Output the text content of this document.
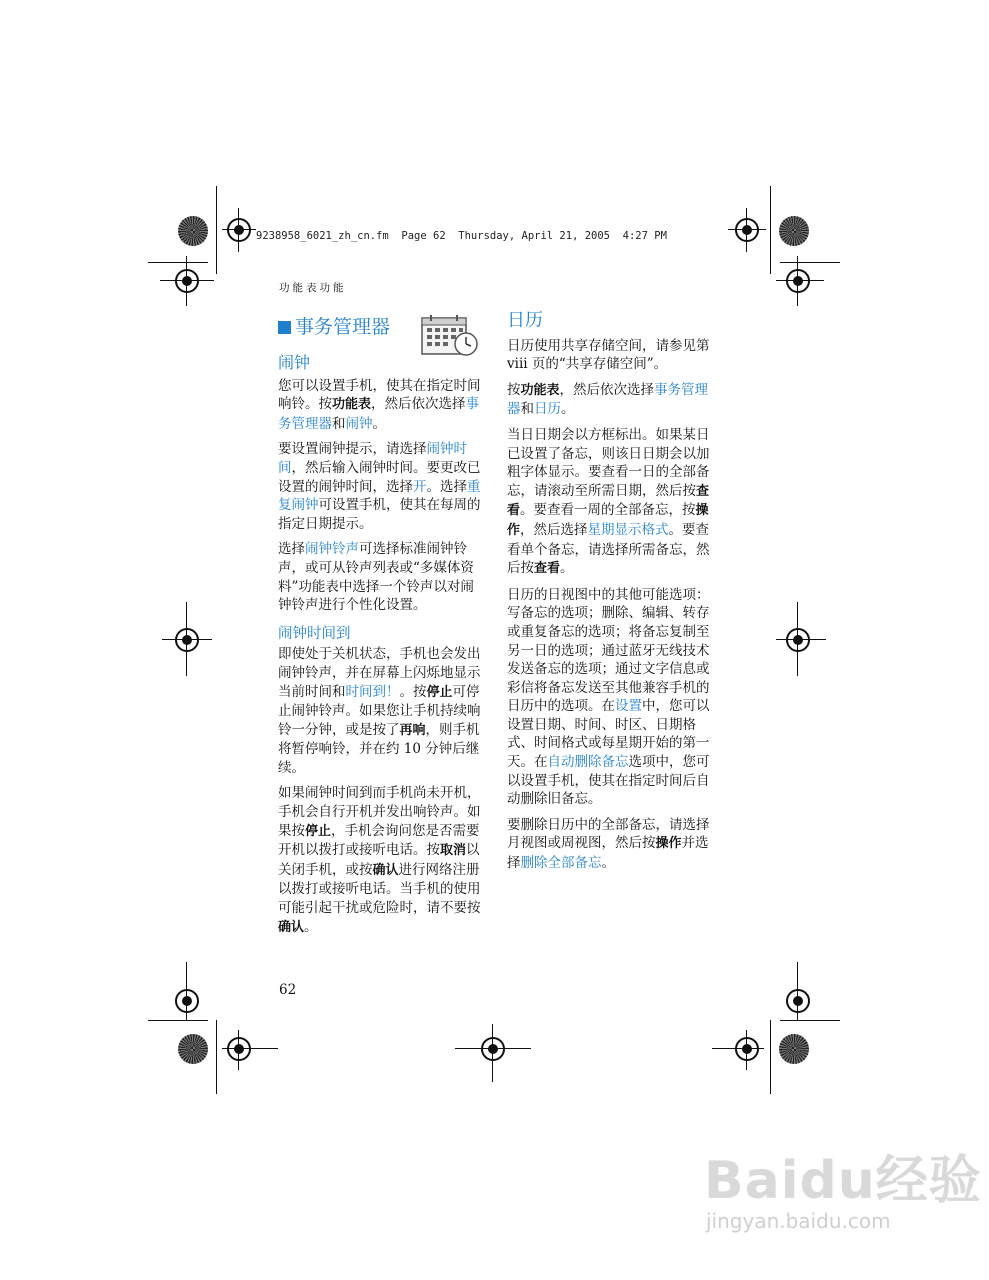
9238958_6021_zh_cn.fm  Page 62  Thursday, April 21, 2005  4:27 PM
功能表功能
事务管理器
闹钟

您可以设置手机，使其在指定时间响铃。按功能表，然后依次选择事务管理器和闹钟。

要设置闹钟提示，请选择闹钟时间，然后输入闹钟时间。要更改已设置的闹钟时间，选择开。选择重复闹钟可设置手机，使其在每周的指定日期提示。

选择闹钟铃声可选择标准闹钟铃声，或可从铃声列表或“多媒体资料”功能表中选择一个铃声以对闹钟铃声进行个性化设置。

闹钟时间到

即使处于关机状态，手机也会发出闹钟铃声，并在屏幕上闪烁地显示当前时间和时间到！。按停止可停止闹钟铃声。如果您让手机持续响铃一分钟，或是按了再响，则手机将暂停响铃，并在约 10 分钟后继续。

如果闹钟时间到而手机尚未开机，手机会自行开机并发出响铃声。如果按停止，手机会询问您是否需要开机以拨打或接听电话。按取消以关闭手机，或按确认进行网络注册以拨打或接听电话。当手机的使用可能引起干扰或危险时，请不要按确认。

日历

日历使用共享存储空间，请参见第 viii 页的“共享存储空间”。

按功能表，然后依次选择事务管理器和日历。

当日日期会以方框标出。如果某日已设置了备忘，则该日日期会以加粗字体显示。要查看一日的全部备忘，请滚动至所需日期，然后按查看。要查看一周的全部备忘，按操作，然后选择星期显示格式。要查看单个备忘，请选择所需备忘，然后按查看。

日历的日视图中的其他可能选项：写备忘的选项；删除、编辑、转存或重复备忘的选项；将备忘复制至另一日的选项；通过蓝牙无线技术发送备忘的选项；通过文字信息或彩信将备忘发送至其他兼容手机的日历中的选项。在设置中，您可以设置日期、时间、时区、日期格式、时间格式或每星期开始的第一天。在自动删除备忘选项中，您可以设置手机，使其在指定时间后自动删除旧备忘。

要删除日历中的全部备忘，请选择月视图或周视图，然后按操作并选择删除全部备忘。

62
Baidu经验
jingyan.baidu.com
